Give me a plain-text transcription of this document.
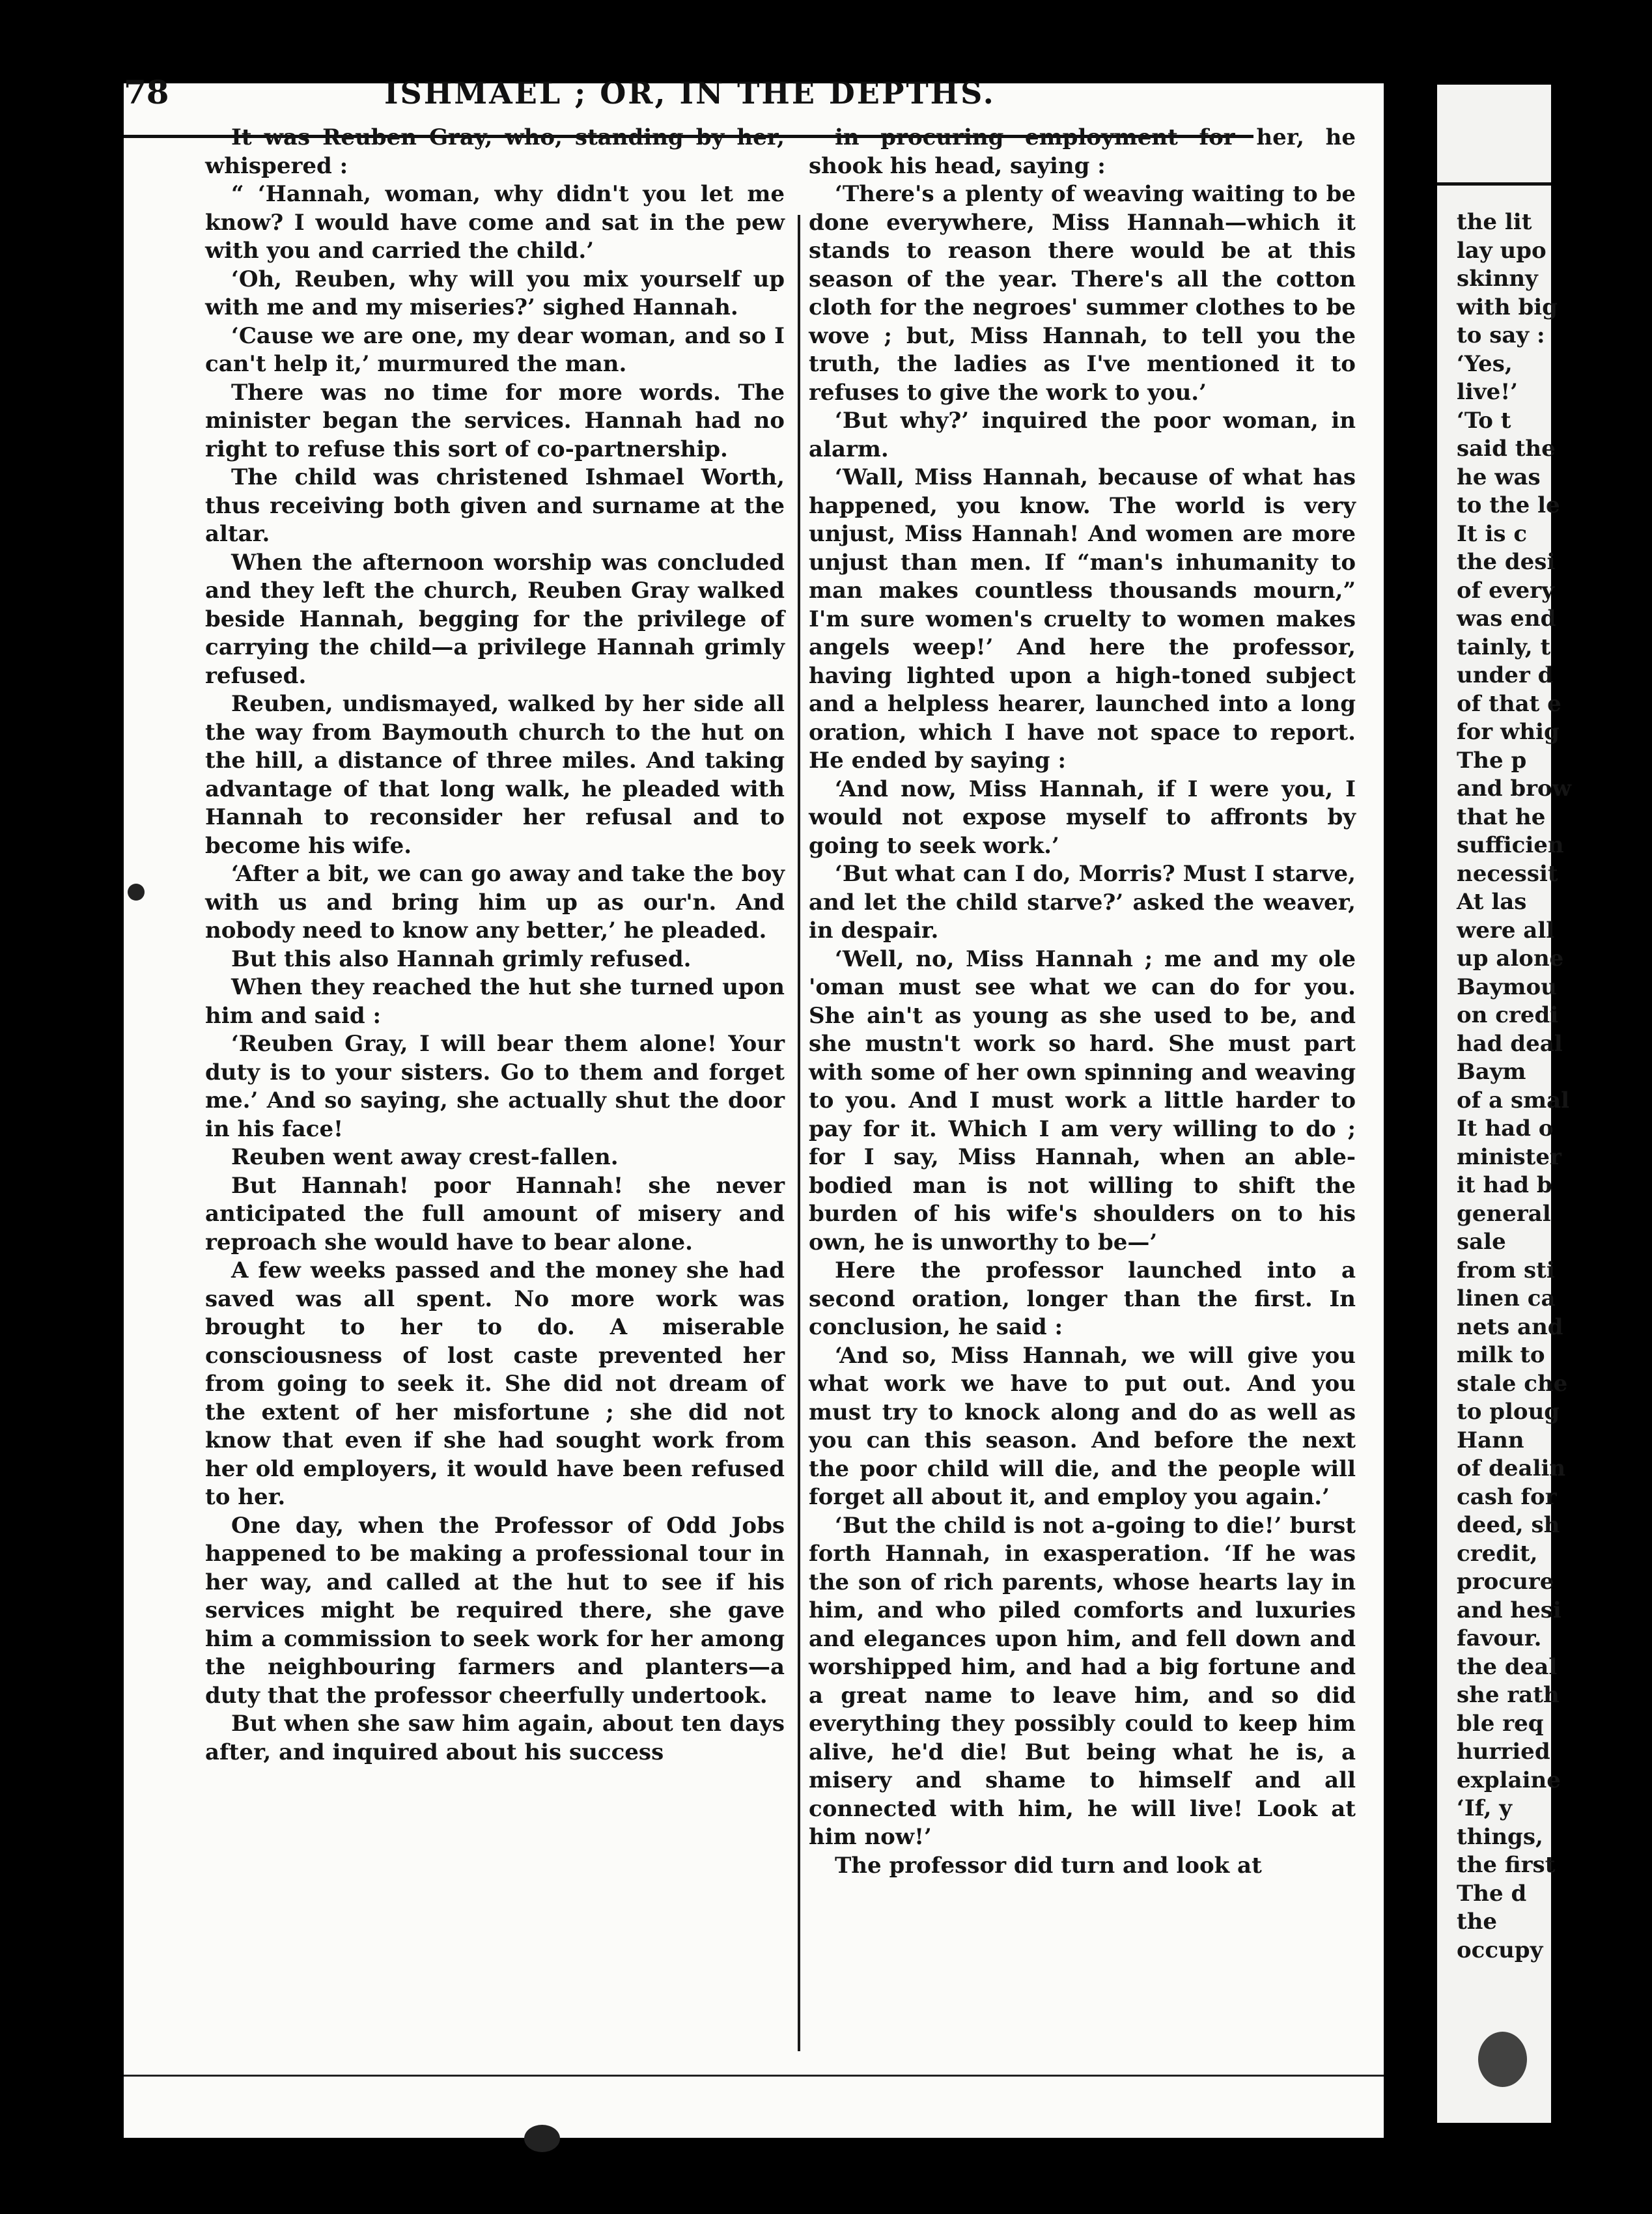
78	ISHMAEL ; OR, IN THE DEPTHS.

It was Reuben Gray, who, standing by her, whispered :

“ ‘Hannah, woman, why didn't you let me know? I would have come and sat in the pew with you and carried the child.’

‘Oh, Reuben, why will you mix yourself up with me and my miseries?’ sighed Hannah.

‘Cause we are one, my dear woman, and so I can't help it,’ murmured the man.

There was no time for more words. The minister began the services. Hannah had no right to refuse this sort of co-partnership.

The child was christened Ishmael Worth, thus receiving both given and surname at the altar.

When the afternoon worship was concluded and they left the church, Reuben Gray walked beside Hannah, begging for the privilege of carrying the child—a privilege Hannah grimly refused.

Reuben, undismayed, walked by her side all the way from Baymouth church to the hut on the hill, a distance of three miles. And taking advantage of that long walk, he pleaded with Hannah to reconsider her refusal and to become his wife.

‘After a bit, we can go away and take the boy with us and bring him up as our'n. And nobody need to know any better,’ he pleaded.

But this also Hannah grimly refused.

When they reached the hut she turned upon him and said :

‘Reuben Gray, I will bear them alone! Your duty is to your sisters. Go to them and forget me.’ And so saying, she actually shut the door in his face!

Reuben went away crest-fallen.

But Hannah! poor Hannah! she never anticipated the full amount of misery and reproach she would have to bear alone.

A few weeks passed and the money she had saved was all spent. No more work was brought to her to do. A miserable consciousness of lost caste prevented her from going to seek it. She did not dream of the extent of her misfortune ; she did not know that even if she had sought work from her old employers, it would have been refused to her.

One day, when the Professor of Odd Jobs happened to be making a professional tour in her way, and called at the hut to see if his services might be required there, she gave him a commission to seek work for her among the neighbouring farmers and planters—a duty that the professor cheerfully undertook.

But when she saw him again, about ten days after, and inquired about his success

in procuring employment for her, he shook his head, saying :

‘There's a plenty of weaving waiting to be done everywhere, Miss Hannah—which it stands to reason there would be at this season of the year. There's all the cotton cloth for the negroes' summer clothes to be wove ; but, Miss Hannah, to tell you the truth, the ladies as I've mentioned it to refuses to give the work to you.’

‘But why?’ inquired the poor woman, in alarm.

‘Wall, Miss Hannah, because of what has happened, you know. The world is very unjust, Miss Hannah! And women are more unjust than men. If “man's inhumanity to man makes countless thousands mourn,” I'm sure women's cruelty to women makes angels weep!’ And here the professor, having lighted upon a high-toned subject and a helpless hearer, launched into a long oration, which I have not space to report. He ended by saying :

‘And now, Miss Hannah, if I were you, I would not expose myself to affronts by going to seek work.’

‘But what can I do, Morris? Must I starve, and let the child starve?’ asked the weaver, in despair.

‘Well, no, Miss Hannah ; me and my ole 'oman must see what we can do for you. She ain't as young as she used to be, and she mustn't work so hard. She must part with some of her own spinning and weaving to you. And I must work a little harder to pay for it. Which I am very willing to do ; for I say, Miss Hannah, when an able-bodied man is not willing to shift the burden of his wife's shoulders on to his own, he is unworthy to be—’

Here the professor launched into a second oration, longer than the first. In conclusion, he said :

‘And so, Miss Hannah, we will give you what work we have to put out. And you must try to knock along and do as well as you can this season. And before the next the poor child will die, and the people will forget all about it, and employ you again.’

‘But the child is not a-going to die!’ burst forth Hannah, in exasperation. ‘If he was the son of rich parents, whose hearts lay in him, and who piled comforts and luxuries and elegances upon him, and fell down and worshipped him, and had a big fortune and a great name to leave him, and so did everything they possibly could to keep him alive, he'd die! But being what he is, a misery and shame to himself and all connected with him, he will live! Look at him now!’

The professor did turn and look at

the lit
lay upo
skinny
with big
to say :
‘Yes,
live!’
‘To t
said the
he was
to the le
It is c
the desi
of every
was end
tainly, t
under d
of that e
for whig
The p
and brow
that he
sufficien
necessit
At las
were all
up alone
Baymou
on credi
had deal
Baym
of a smal
It had o
minister
it had b
general
sale
from sti
linen ca
nets and
milk to
stale che
to ploug
Hann
of dealin
cash for
deed, sh
credit,
procure
and hesi
favour.
the deal
she rath
ble req
hurried
explaine
‘If, y
things,
the first
The d
the
occupy
